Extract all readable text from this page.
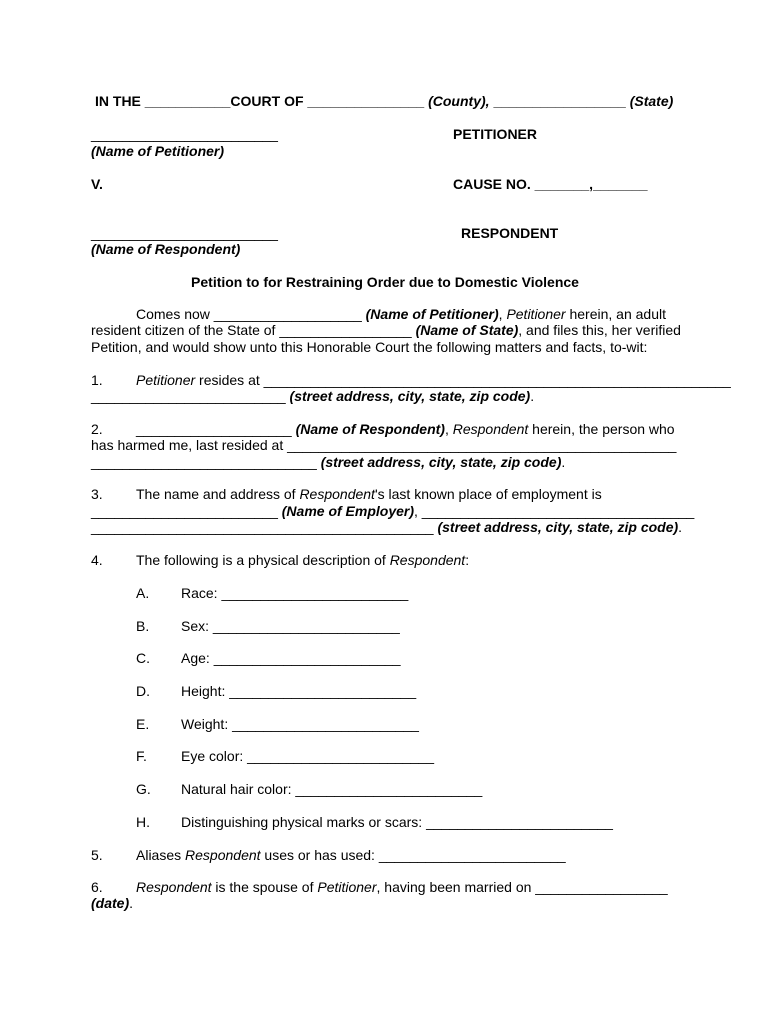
IN THE ___________COURT OF _______________ (County), _________________ (State)
________________________	PETITIONER
(Name of Petitioner)
V.	CAUSE NO. _______,_______
________________________	RESPONDENT
(Name of Respondent)
Petition to for Restraining Order due to Domestic Violence
Comes now ___________________ (Name of Petitioner), Petitioner herein, an adult
resident citizen of the State of _________________ (Name of State), and files this, her verified
Petition, and would show unto this Honorable Court the following matters and facts, to-wit:
1. Petitioner resides at ____________________________________________________________
_________________________ (street address, city, state, zip code).
2. ____________________ (Name of Respondent), Respondent herein, the person who
has harmed me, last resided at __________________________________________________
_____________________________ (street address, city, state, zip code).
3. The name and address of Respondent's last known place of employment is
________________________ (Name of Employer), ___________________________________
____________________________________________ (street address, city, state, zip code).
4. The following is a physical description of Respondent:
A. Race: ________________________
B. Sex: ________________________
C. Age: ________________________
D. Height: ________________________
E. Weight: ________________________
F. Eye color: ________________________
G. Natural hair color: ________________________
H. Distinguishing physical marks or scars: ________________________
5. Aliases Respondent uses or has used: ________________________
6. Respondent is the spouse of Petitioner, having been married on _________________
(date).
